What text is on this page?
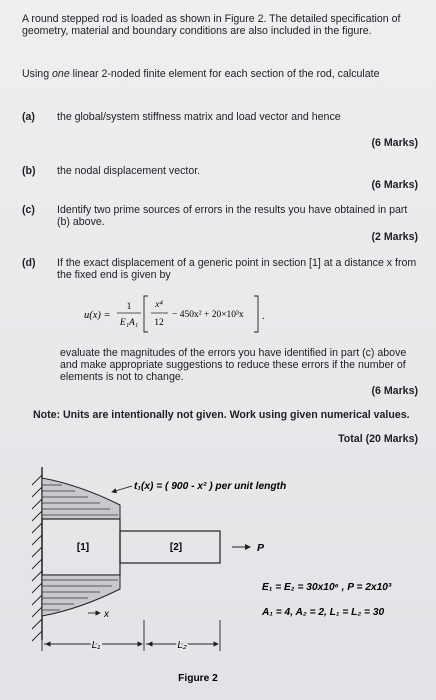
A round stepped rod is loaded as shown in Figure 2. The detailed specification of geometry, material and boundary conditions are also included in the figure.
Using one linear 2-noded finite element for each section of the rod, calculate
(a) the global/system stiffness matrix and load vector and hence
(6 Marks)
(b) the nodal displacement vector.
(6 Marks)
(c) Identify two prime sources of errors in the results you have obtained in part (b) above.
(2 Marks)
(d) If the exact displacement of a generic point in section [1] at a distance x from the fixed end is given by
u(x) =
1
E₁A₁
x⁴
12
− 450x² + 20×10³x .
evaluate the magnitudes of the errors you have identified in part (c) above and make appropriate suggestions to reduce these errors if the number of elements is not to change.
(6 Marks)
Note: Units are intentionally not given. Work using given numerical values.
Total (20 Marks)
t₁(x) = ( 900 - x² ) per unit length
[1]	[2]	P
x
L₁	L₂
E₁ = E₂ = 30x10⁶ , P = 2x10³
A₁ = 4, A₂ = 2, L₁ = L₂ = 30
Figure 2
